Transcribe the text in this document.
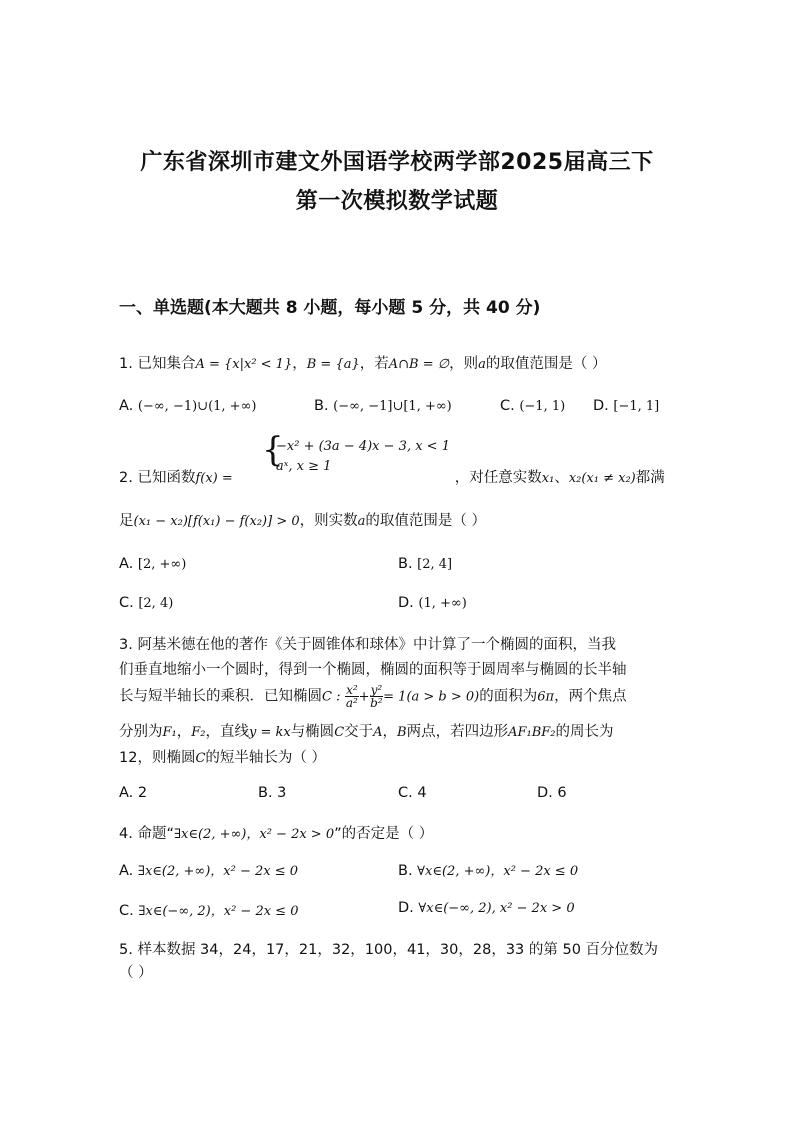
广东省深圳市建文外国语学校两学部2025届高三下
第一次模拟数学试题
一、单选题(本大题共 8 小题，每小题 5 分，共 40 分)
1. 已知集合A = {x|x² < 1}，B = {a}，若A∩B = ∅，则a的取值范围是（ ）
A. (−∞, −1)∪(1, +∞)	B. (−∞, −1]∪[1, +∞)	C. (−1, 1) D. [−1, 1]
2. 已知函数f(x) =	，对任意实数x₁、x₂(x₁ ≠ x₂)都满
{
−x² + (3a − 4)x − 3, x < 1
aˣ, x ≥ 1
足(x₁ − x₂)[f(x₁) − f(x₂)] > 0，则实数a的取值范围是（ ）
A. [2, +∞)	B. [2, 4]
C. [2, 4)	D. (1, +∞)
3. 阿基米德在他的著作《关于圆锥体和球体》中计算了一个椭圆的面积，当我
们垂直地缩小一个圆时，得到一个椭圆，椭圆的面积等于圆周率与椭圆的长半轴
长与短半轴长的乘积．已知椭圆C : $\frac{\text{x²}}{\text{a²}} + \frac{\text{y²}}{\text{b²}} = 1(a > b > 0)$的面积为6π，两个焦点
分别为F₁，F₂，直线y = kx与椭圆C交于A，B两点，若四边形AF₁BF₂的周长为
12，则椭圆C的短半轴长为（ ）
A. 2	B. 3	C. 4	D. 6
4. 命题“∃x∈(2, +∞)，x² − 2x > 0”的否定是（ ）
A. ∃x∈(2, +∞)，x² − 2x ≤ 0	B. ∀x∈(2, +∞)，x² − 2x ≤ 0
C. ∃x∈(−∞, 2)，x² − 2x ≤ 0	D. ∀x∈(−∞, 2), x² − 2x > 0
5. 样本数据 34，24，17，21，32，100，41，30，28，33 的第 50 百分位数为
（ ）
